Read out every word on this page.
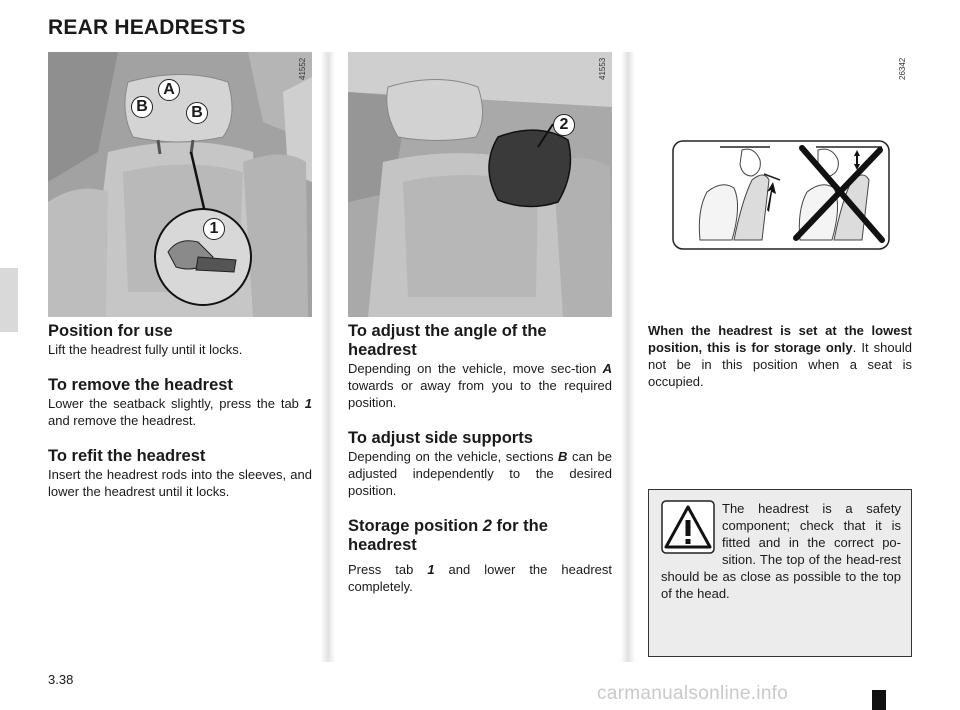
REAR HEADRESTS
41552
A
B	B
1
41553
2
26342
Position for use
Lift the headrest fully until it locks.
To remove the headrest
Lower the seatback slightly, press the tab 1 and remove the headrest.
To refit the headrest
Insert the headrest rods into the sleeves, and lower the headrest until it locks.
To adjust the angle of the headrest
Depending on the vehicle, move sec-tion A towards or away from you to the required position.
To adjust side supports
Depending on the vehicle, sections B can be adjusted independently to the desired position.
Storage position 2 for the headrest
Press tab 1 and lower the headrest completely.
When the headrest is set at the lowest position, this is for storage only. It should not be in this position when a seat is occupied.
The headrest is a safety component; check that it is fitted and in the correct po-sition. The top of the head-rest should be as close as possible to the top of the head.
3.38
carmanualsonline.info
